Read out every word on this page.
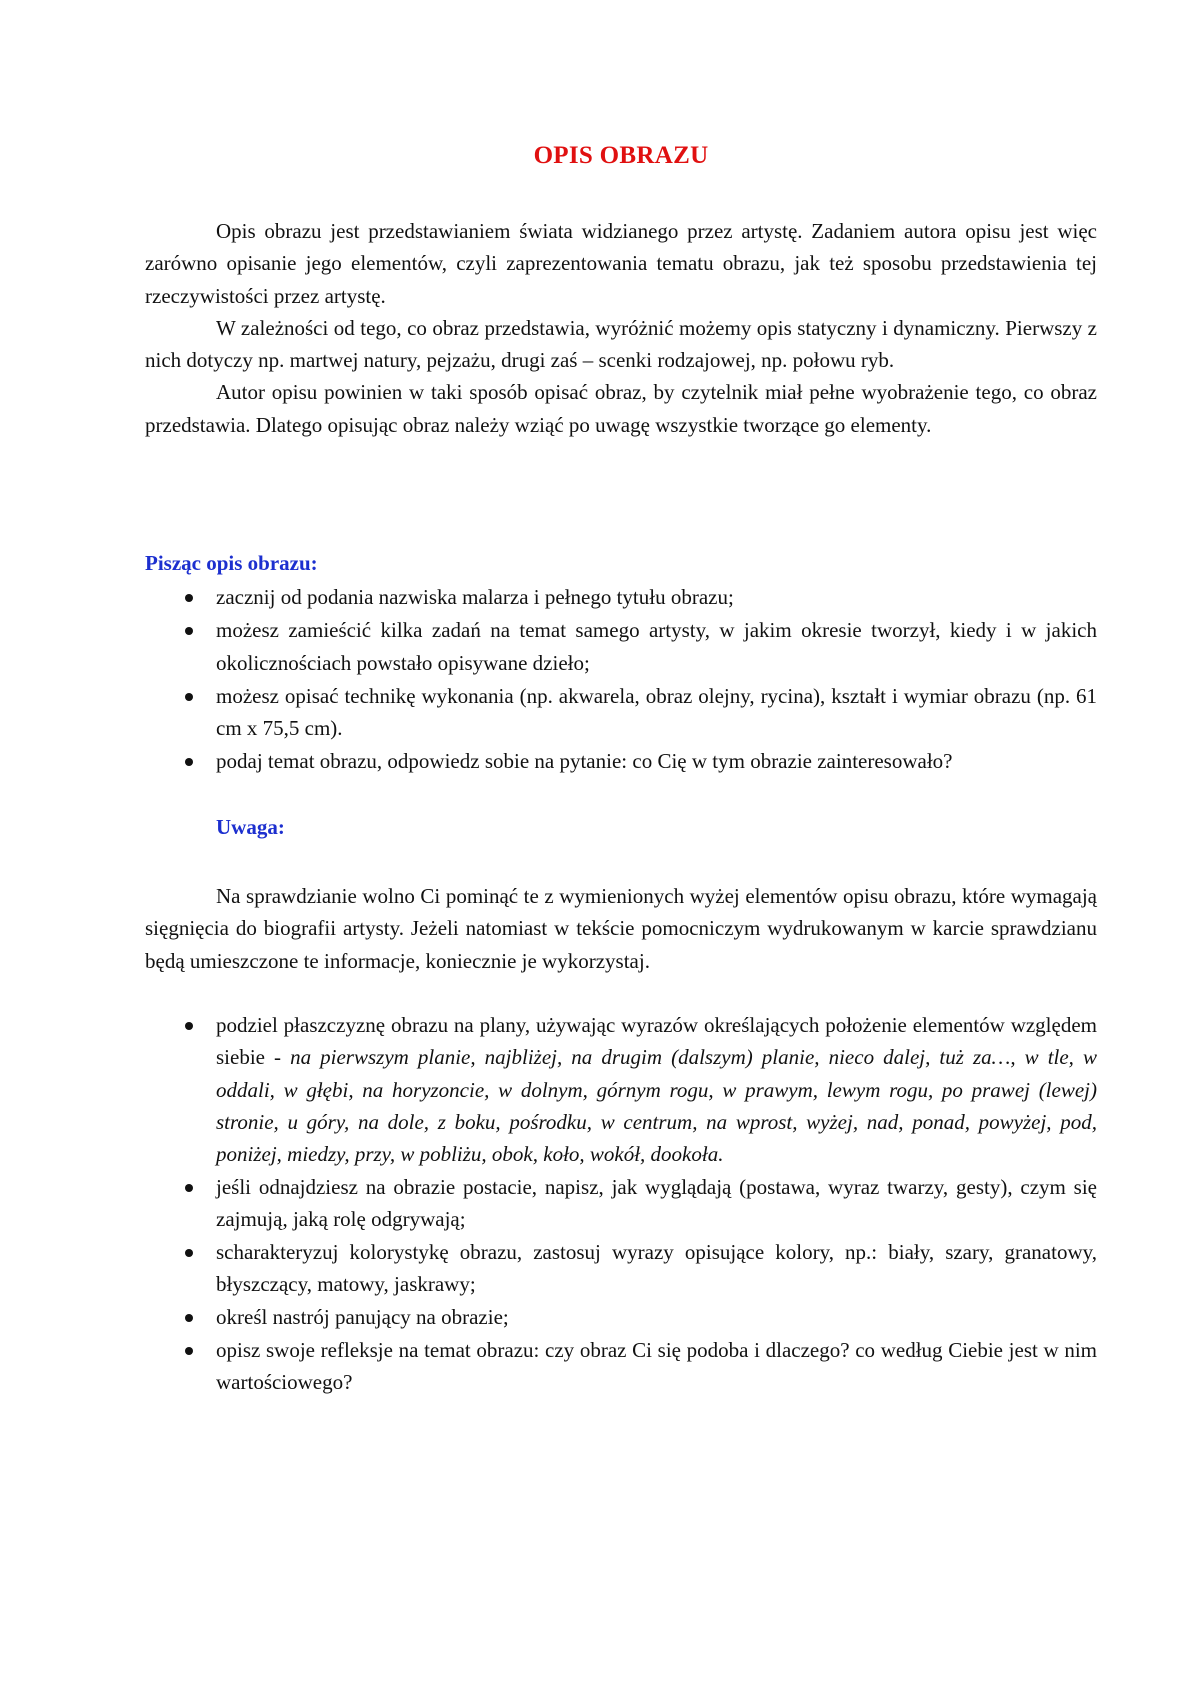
OPIS OBRAZU

Opis obrazu jest przedstawianiem świata widzianego przez artystę. Zadaniem autora opisu jest więc zarówno opisanie jego elementów, czyli zaprezentowania tematu obrazu, jak też sposobu przedstawienia tej rzeczywistości przez artystę.

W zależności od tego, co obraz przedstawia, wyróżnić możemy opis statyczny i dynamiczny. Pierwszy z nich dotyczy np. martwej natury, pejzażu, drugi zaś – scenki rodzajowej, np. połowu ryb.

Autor opisu powinien w taki sposób opisać obraz, by czytelnik miał pełne wyobrażenie tego, co obraz przedstawia. Dlatego opisując obraz należy wziąć po uwagę wszystkie tworzące go elementy.

Pisząc opis obrazu:
zacznij od podania nazwiska malarza i pełnego tytułu obrazu;
możesz zamieścić kilka zadań na temat samego artysty, w jakim okresie tworzył, kiedy i w jakich okolicznościach powstało opisywane dzieło;
możesz opisać technikę wykonania (np. akwarela, obraz olejny, rycina), kształt i wymiar obrazu (np. 61 cm x 75,5 cm).
podaj temat obrazu, odpowiedz sobie na pytanie: co Cię w tym obrazie zainteresowało?
Uwaga:

Na sprawdzianie wolno Ci pominąć te z wymienionych wyżej elementów opisu obrazu, które wymagają sięgnięcia do biografii artysty. Jeżeli natomiast w tekście pomocniczym wydrukowanym w karcie sprawdzianu będą umieszczone te informacje, koniecznie je wykorzystaj.

podziel płaszczyznę obrazu na plany, używając wyrazów określających położenie elementów względem siebie - na pierwszym planie, najbliżej, na drugim (dalszym) planie, nieco dalej, tuż za…, w tle, w oddali, w głębi, na horyzoncie, w dolnym, górnym rogu, w prawym, lewym rogu, po prawej (lewej) stronie, u góry, na dole, z boku, pośrodku, w centrum, na wprost, wyżej, nad, ponad, powyżej, pod, poniżej, miedzy, przy, w pobliżu, obok, koło, wokół, dookoła.
jeśli odnajdziesz na obrazie postacie, napisz, jak wyglądają (postawa, wyraz twarzy, gesty), czym się zajmują, jaką rolę odgrywają;
scharakteryzuj kolorystykę obrazu, zastosuj wyrazy opisujące kolory, np.: biały, szary, granatowy, błyszczący, matowy, jaskrawy;
określ nastrój panujący na obrazie;
opisz swoje refleksje na temat obrazu: czy obraz Ci się podoba i dlaczego? co według Ciebie jest w nim wartościowego?
